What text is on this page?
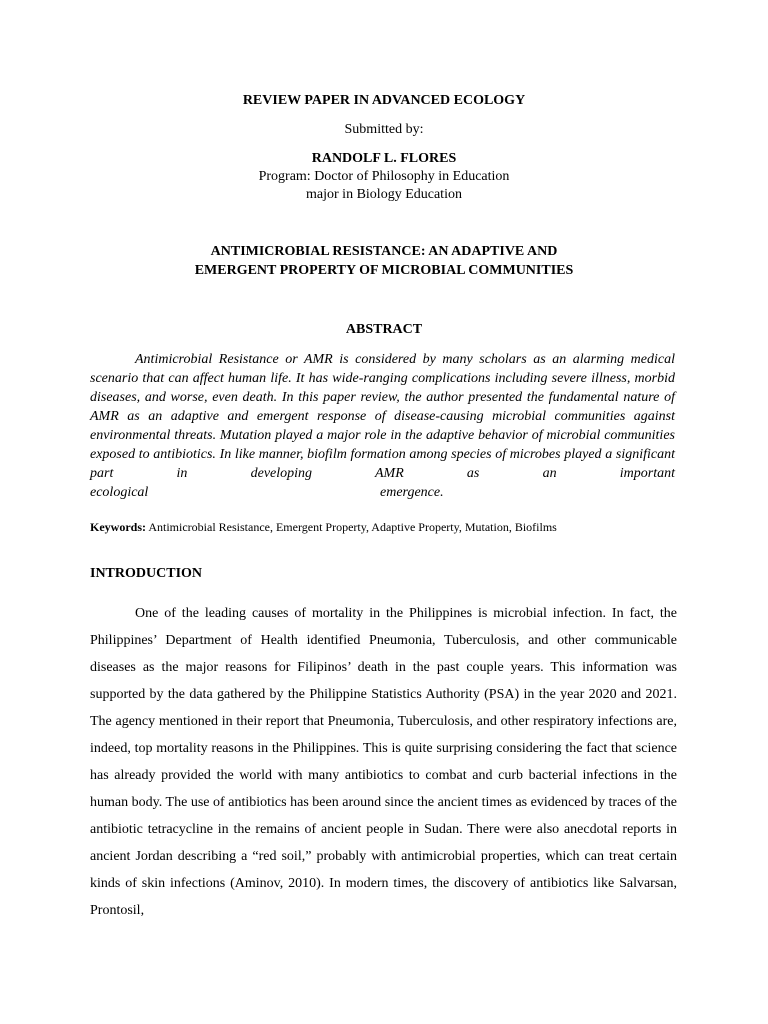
REVIEW PAPER IN ADVANCED ECOLOGY
Submitted by:
RANDOLF L. FLORES
Program: Doctor of Philosophy in Education
major in Biology Education
ANTIMICROBIAL RESISTANCE: AN ADAPTIVE AND
EMERGENT PROPERTY OF MICROBIAL COMMUNITIES
ABSTRACT
Antimicrobial Resistance or AMR is considered by many scholars as an alarming medical scenario that can affect human life. It has wide-ranging complications including severe illness, morbid diseases, and worse, even death. In this paper review, the author presented the fundamental nature of AMR as an adaptive and emergent response of disease-causing microbial communities against environmental threats. Mutation played a major role in the adaptive behavior of microbial communities exposed to antibiotics. In like manner, biofilm formation among species of microbes played a significant part in developing AMR as an important
ecological	emergence.
Keywords: Antimicrobial Resistance, Emergent Property, Adaptive Property, Mutation, Biofilms
INTRODUCTION
One of the leading causes of mortality in the Philippines is microbial infection. In fact, the Philippines’ Department of Health identified Pneumonia, Tuberculosis, and other communicable diseases as the major reasons for Filipinos’ death in the past couple years. This information was supported by the data gathered by the Philippine Statistics Authority (PSA) in the year 2020 and 2021. The agency mentioned in their report that Pneumonia, Tuberculosis, and other respiratory infections are, indeed, top mortality reasons in the Philippines. This is quite surprising considering the fact that science has already provided the world with many antibiotics to combat and curb bacterial infections in the human body. The use of antibiotics has been around since the ancient times as evidenced by traces of the antibiotic tetracycline in the remains of ancient people in Sudan. There were also anecdotal reports in ancient Jordan describing a “red soil,” probably with antimicrobial properties, which can treat certain kinds of skin infections (Aminov, 2010). In modern times, the discovery of antibiotics like Salvarsan, Prontosil,
